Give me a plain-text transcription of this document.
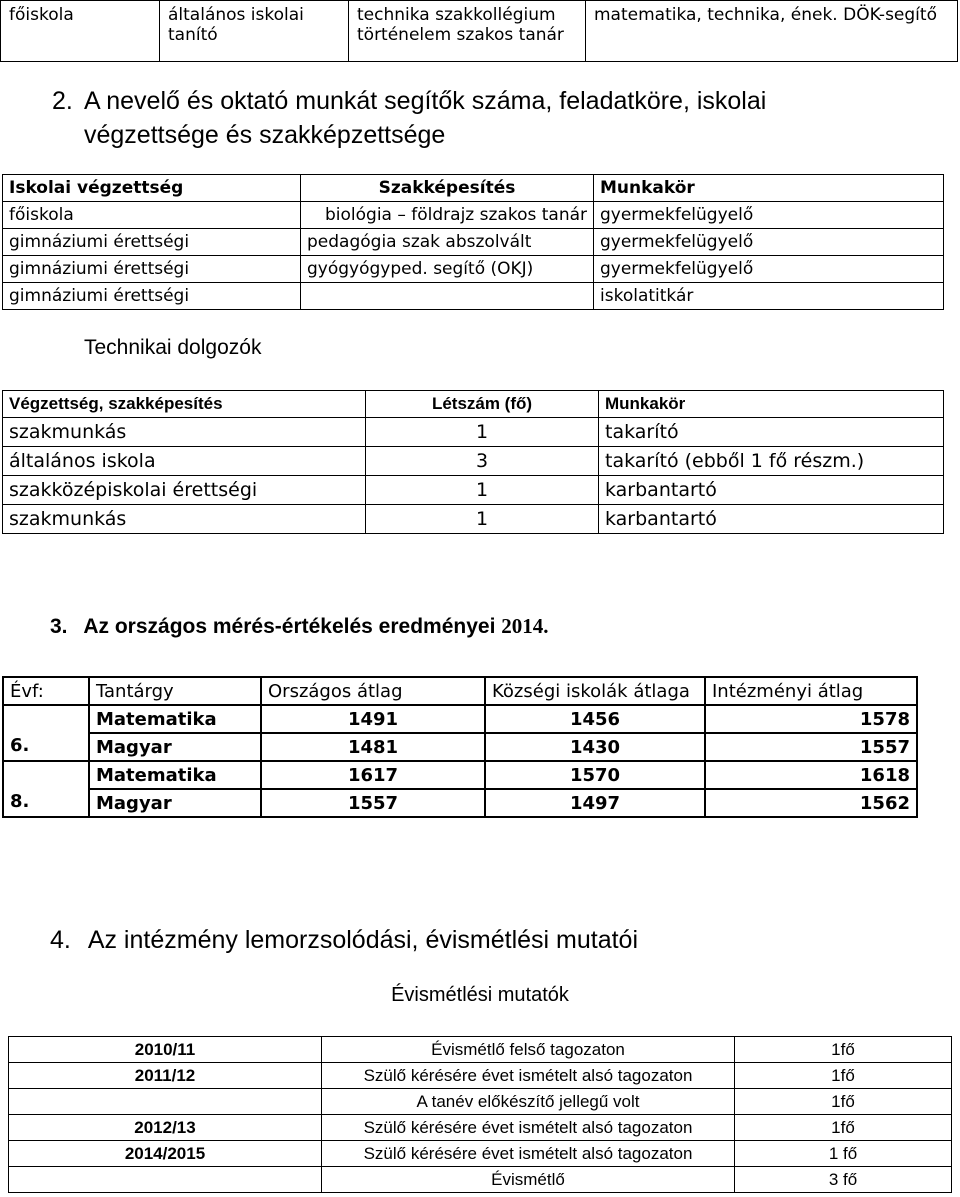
főiskola	általános iskolai tanító	technika szakkollégium történelem szakos tanár	matematika, technika, ének. DÖK-segítő
2. A nevelő és oktató munkát segítők száma, feladatköre, iskolai
végzettsége és szakképzettsége
Iskolai végzettség	Szakképesítés	Munkakör
főiskola	biológia – földrajz szakos tanár	gyermekfelügyelő
gimnáziumi érettségi	pedagógia szak abszolvált	gyermekfelügyelő
gimnáziumi érettségi	gyógyógyped. segítő (OKJ)	gyermekfelügyelő
gimnáziumi érettségi		iskolatitkár
Technikai dolgozók
Végzettség, szakképesítés	Létszám (fő)	Munkakör
szakmunkás	1	takarító
általános iskola	3	takarító (ebből 1 fő részm.)
szakközépiskolai érettségi	1	karbantartó
szakmunkás	1	karbantartó
3. Az országos mérés-értékelés eredményei 2014.
Évf:	Tantárgy	Országos átlag	Községi iskolák átlaga	Intézményi átlag
6.	Matematika	1491	1456	1578
	Magyar	1481	1430	1557
8.	Matematika	1617	1570	1618
	Magyar	1557	1497	1562
4. Az intézmény lemorzsolódási, évismétlési mutatói
Évismétlési mutatók
2010/11	Évismétlő felső tagozaton	1fő
2011/12	Szülő kérésére évet ismételt alsó tagozaton	1fő
	A tanév előkészítő jellegű volt	1fő
2012/13	Szülő kérésére évet ismételt alsó tagozaton	1fő
2014/2015	Szülő kérésére évet ismételt alsó tagozaton	1 fő
	Évismétlő	3 fő
